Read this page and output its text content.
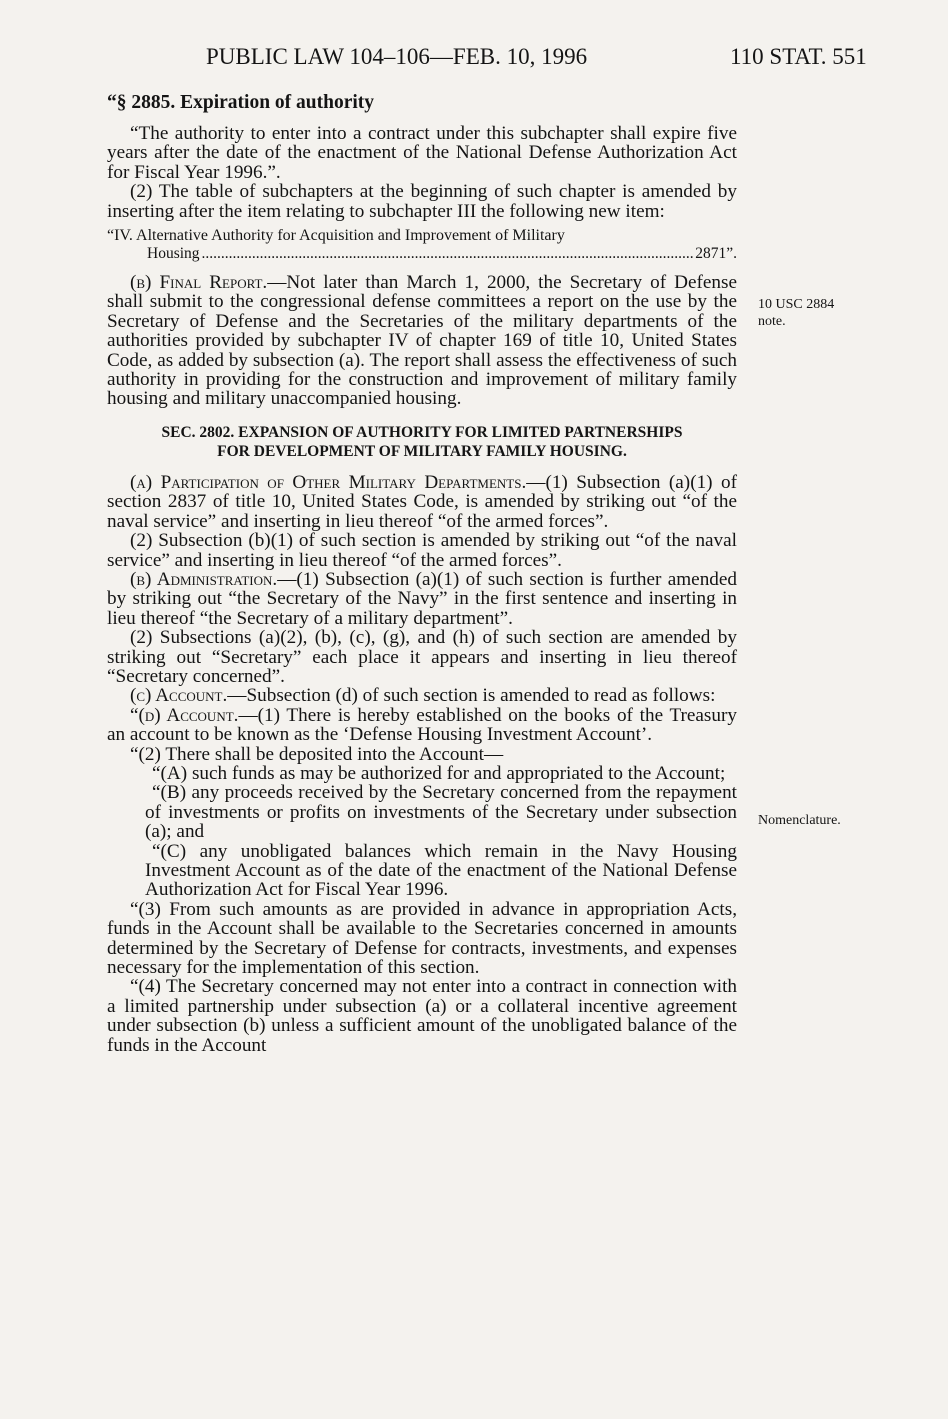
PUBLIC LAW 104–106—FEB. 10, 1996	110 STAT. 551

“§ 2885. Expiration of authority

“The authority to enter into a contract under this subchapter shall expire five years after the date of the enactment of the National Defense Authorization Act for Fiscal Year 1996.”.

(2) The table of subchapters at the beginning of such chapter is amended by inserting after the item relating to subchapter III the following new item:

“IV. Alternative Authority for Acquisition and Improvement of Military
Housing .....	2871”.

(b) Final Report.—Not later than March 1, 2000, the Secretary of Defense shall submit to the congressional defense committees a report on the use by the Secretary of Defense and the Secretaries of the military departments of the authorities provided by subchapter IV of chapter 169 of title 10, United States Code, as added by subsection (a). The report shall assess the effectiveness of such authority in providing for the construction and improvement of military family housing and military unaccompanied housing.

SEC. 2802. EXPANSION OF AUTHORITY FOR LIMITED PARTNERSHIPS
FOR DEVELOPMENT OF MILITARY FAMILY HOUSING.

(a) Participation of Other Military Departments.—(1) Subsection (a)(1) of section 2837 of title 10, United States Code, is amended by striking out “of the naval service” and inserting in lieu thereof “of the armed forces”.

(2) Subsection (b)(1) of such section is amended by striking out “of the naval service” and inserting in lieu thereof “of the armed forces”.

(b) Administration.—(1) Subsection (a)(1) of such section is further amended by striking out “the Secretary of the Navy” in the first sentence and inserting in lieu thereof “the Secretary of a military department”.

(2) Subsections (a)(2), (b), (c), (g), and (h) of such section are amended by striking out “Secretary” each place it appears and inserting in lieu thereof “Secretary concerned”.

(c) Account.—Subsection (d) of such section is amended to read as follows:

“(d) Account.—(1) There is hereby established on the books of the Treasury an account to be known as the ‘Defense Housing Investment Account’.

“(2) There shall be deposited into the Account—

“(A) such funds as may be authorized for and appropriated to the Account;

“(B) any proceeds received by the Secretary concerned from the repayment of investments or profits on investments of the Secretary under subsection (a); and

“(C) any unobligated balances which remain in the Navy Housing Investment Account as of the date of the enactment of the National Defense Authorization Act for Fiscal Year 1996.

“(3) From such amounts as are provided in advance in appropriation Acts, funds in the Account shall be available to the Secretaries concerned in amounts determined by the Secretary of Defense for contracts, investments, and expenses necessary for the implementation of this section.

“(4) The Secretary concerned may not enter into a contract in connection with a limited partnership under subsection (a) or a collateral incentive agreement under subsection (b) unless a sufficient amount of the unobligated balance of the funds in the Account

10 USC 2884
note.
Nomenclature.
